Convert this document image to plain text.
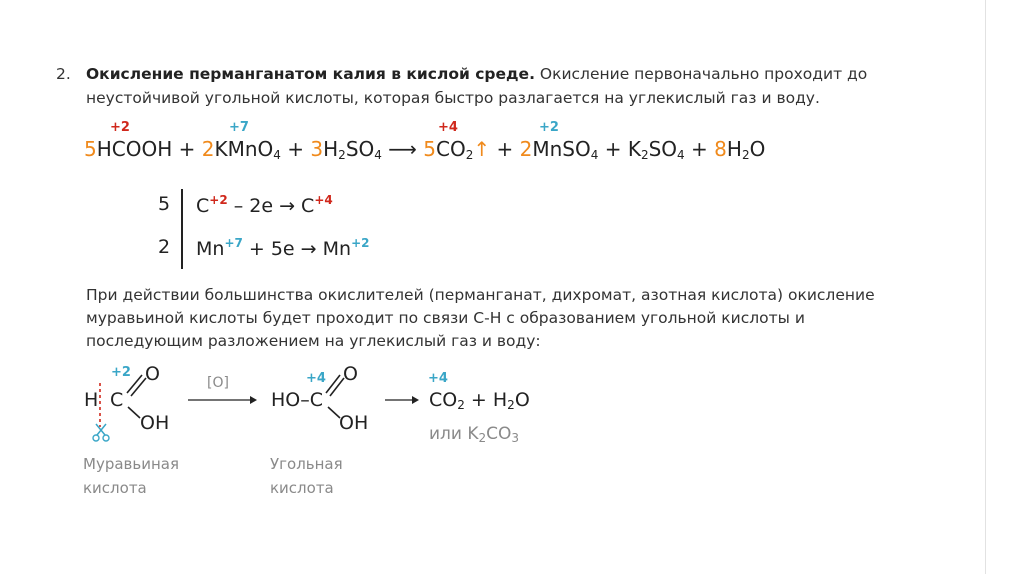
2. Окисление перманганатом калия в кислой среде. Окисление первоначально проходит до
неустойчивой угольной кислоты, которая быстро разлагается на углекислый газ и воду.
+2	+7	+4	+2
5HCOOH + 2KMnO$_4$ + $3H_2SO_4$ ⟶ $5CO_2↑$ + 2MnSO$_4$ + $K_2SO_4 + 8H_2O$
5
2
$C^{+2} - 2e \to C^{+4}$
$Mn^{+7} + 5e \to Mn^{+2}$
При действии большинства окислителей (перманганат, дихромат, азотная кислота) окисление
муравьиной кислоты будет проходит по связи С-Н с образованием угольной кислоты и
последующим разложением на углекислый газ и воду:
+2
H C
O
OH
[O]	+4
HO–C
O
OH
+4
$CO_2 + H_2O$
или $K_2CO_3$
Муравьиная кислота
Угольная кислота
